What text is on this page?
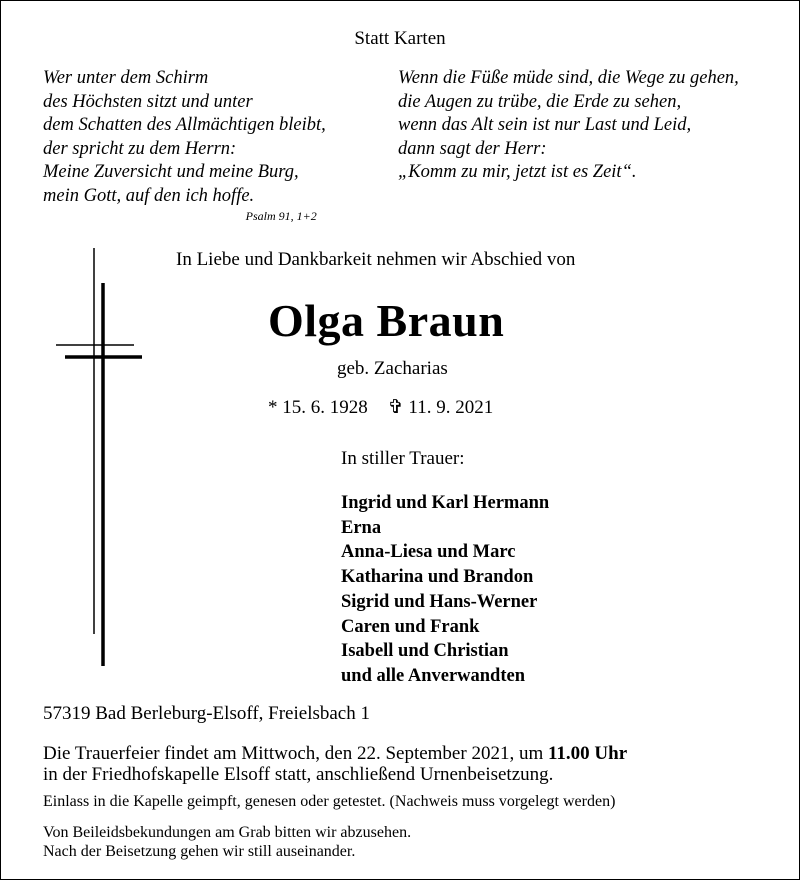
Statt Karten
Wer unter dem Schirm
des Höchsten sitzt und unter
dem Schatten des Allmächtigen bleibt,
der spricht zu dem Herrn:
Meine Zuversicht und meine Burg,
mein Gott, auf den ich hoffe.
Psalm 91, 1+2
Wenn die Füße müde sind, die Wege zu gehen,
die Augen zu trübe, die Erde zu sehen,
wenn das Alt sein ist nur Last und Leid,
dann sagt der Herr:
„Komm zu mir, jetzt ist es Zeit“.
In Liebe und Dankbarkeit nehmen wir Abschied von
Olga Braun
geb. Zacharias
* 15. 6. 1928 ✞ 11. 9. 2021
In stiller Trauer:
Ingrid und Karl Hermann
Erna
Anna-Liesa und Marc
Katharina und Brandon
Sigrid und Hans-Werner
Caren und Frank
Isabell und Christian
und alle Anverwandten
57319 Bad Berleburg-Elsoff, Freielsbach 1
Die Trauerfeier findet am Mittwoch, den 22. September 2021, um 11.00 Uhr
in der Friedhofskapelle Elsoff statt, anschließend Urnenbeisetzung.
Einlass in die Kapelle geimpft, genesen oder getestet. (Nachweis muss vorgelegt werden)
Von Beileidsbekundungen am Grab bitten wir abzusehen.
Nach der Beisetzung gehen wir still auseinander.
